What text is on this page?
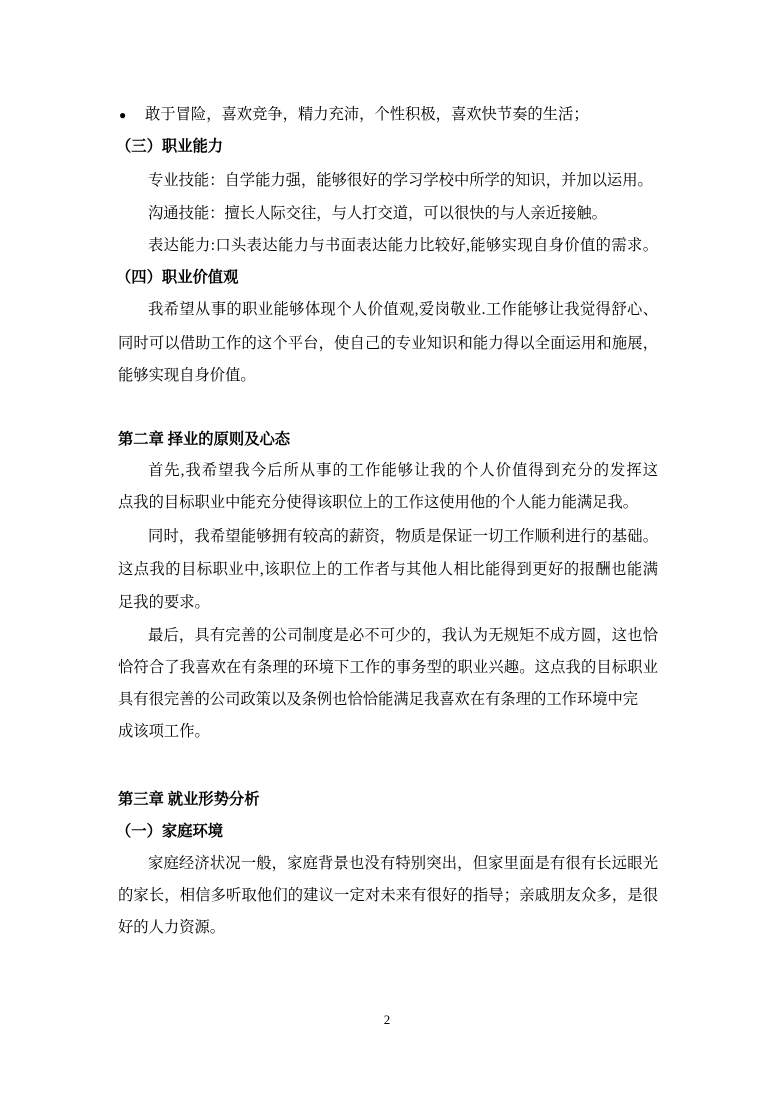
● 敢于冒险，喜欢竞争，精力充沛，个性积极，喜欢快节奏的生活；
（三）职业能力
专业技能：自学能力强，能够很好的学习学校中所学的知识，并加以运用。
沟通技能：擅长人际交往，与人打交道，可以很快的与人亲近接触。
表达能力:口头表达能力与书面表达能力比较好,能够实现自身价值的需求。
（四）职业价值观
我希望从事的职业能够体现个人价值观,爱岗敬业.工作能够让我觉得舒心、
同时可以借助工作的这个平台，使自己的专业知识和能力得以全面运用和施展，
能够实现自身价值。
第二章 择业的原则及心态
首先,我希望我今后所从事的工作能够让我的个人价值得到充分的发挥这
点我的目标职业中能充分使得该职位上的工作这使用他的个人能力能满足我。
同时，我希望能够拥有较高的薪资，物质是保证一切工作顺利进行的基础。
这点我的目标职业中,该职位上的工作者与其他人相比能得到更好的报酬也能满
足我的要求。
最后，具有完善的公司制度是必不可少的，我认为无规矩不成方圆，这也恰
恰符合了我喜欢在有条理的环境下工作的事务型的职业兴趣。这点我的目标职业
具有很完善的公司政策以及条例也恰恰能满足我喜欢在有条理的工作环境中完
成该项工作。
第三章 就业形势分析
（一）家庭环境
家庭经济状况一般，家庭背景也没有特别突出，但家里面是有很有长远眼光
的家长，相信多听取他们的建议一定对未来有很好的指导；亲戚朋友众多，是很
好的人力资源。
2
